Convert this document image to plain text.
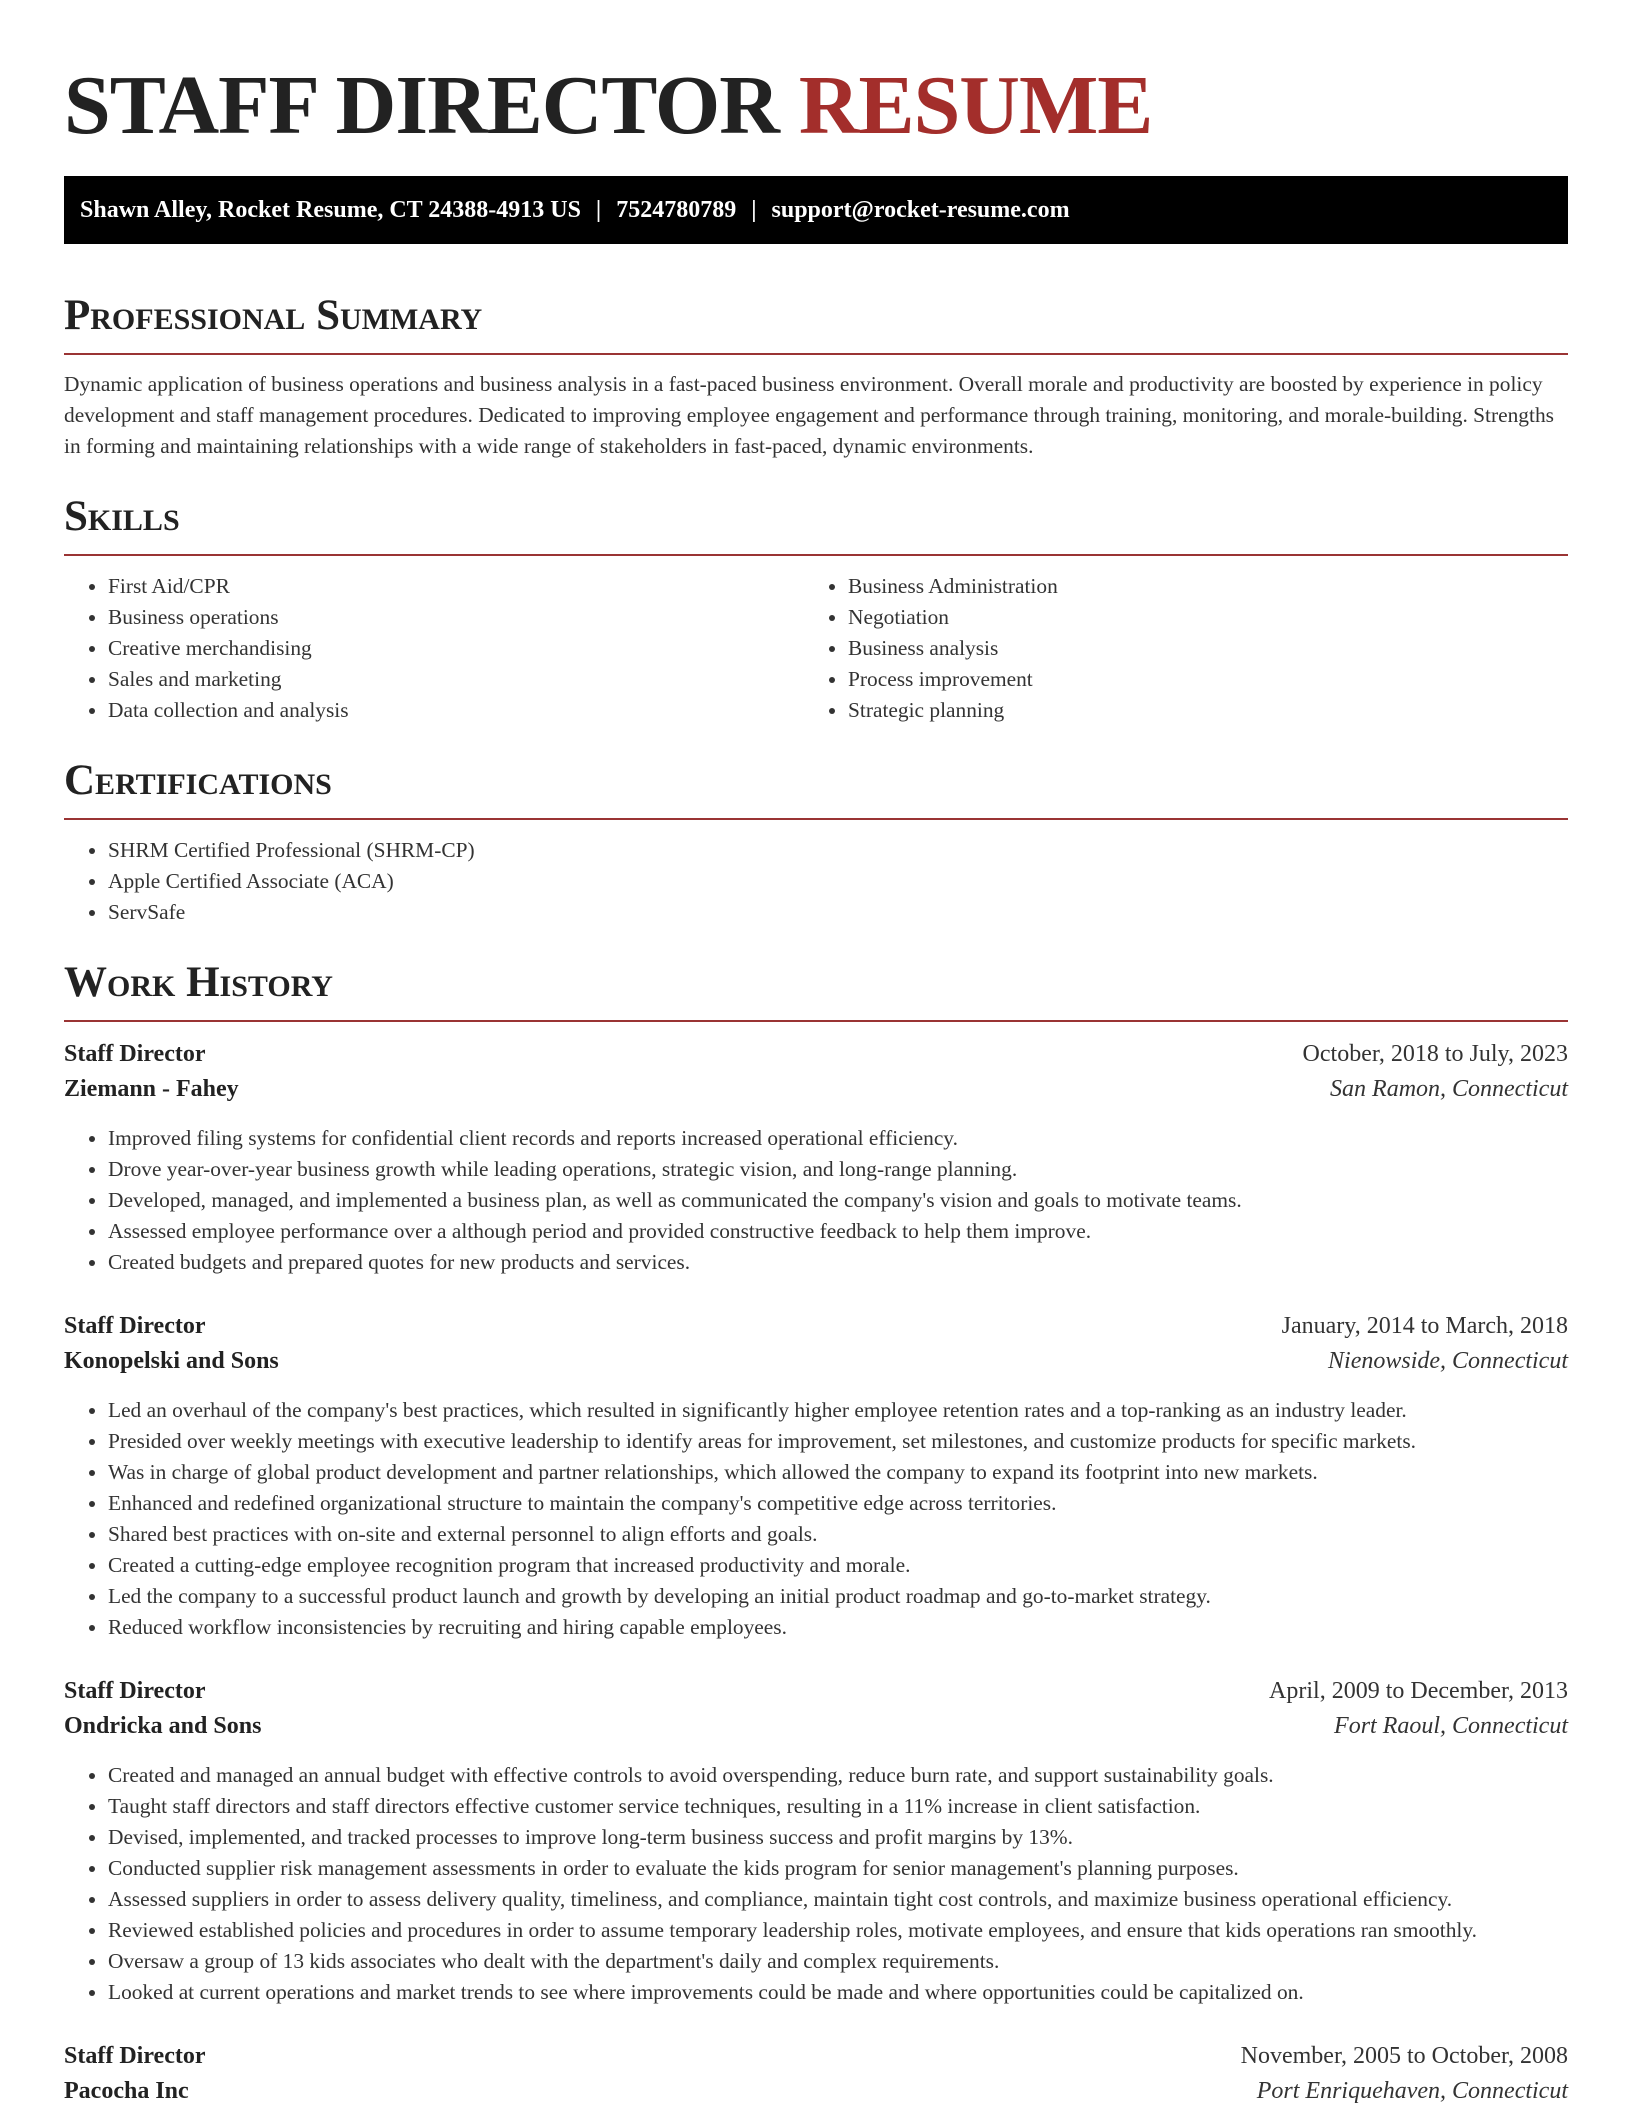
STAFF DIRECTOR RESUME
Shawn Alley, Rocket Resume, CT 24388-4913 US | 7524780789 | support@rocket-resume.com
Professional Summary

Dynamic application of business operations and business analysis in a fast-paced business environment. Overall morale and productivity are boosted by experience in policy development and staff management procedures. Dedicated to improving employee engagement and performance through training, monitoring, and morale-building. Strengths in forming and maintaining relationships with a wide range of stakeholders in fast-paced, dynamic environments.

Skills
• First Aid/CPR
• Business operations
• Creative merchandising
• Sales and marketing
• Data collection and analysis
• Business Administration
• Negotiation
• Business analysis
• Process improvement
• Strategic planning
Certifications
• SHRM Certified Professional (SHRM-CP)
• Apple Certified Associate (ACA)
• ServSafe
Work History
Staff Director	October, 2018 to July, 2023
Ziemann - Fahey	San Ramon, Connecticut
• Improved filing systems for confidential client records and reports increased operational efficiency.
• Drove year-over-year business growth while leading operations, strategic vision, and long-range planning.
• Developed, managed, and implemented a business plan, as well as communicated the company's vision and goals to motivate teams.
• Assessed employee performance over a although period and provided constructive feedback to help them improve.
• Created budgets and prepared quotes for new products and services.
Staff Director	January, 2014 to March, 2018
Konopelski and Sons	Nienowside, Connecticut
• Led an overhaul of the company's best practices, which resulted in significantly higher employee retention rates and a top-ranking as an industry leader.
• Presided over weekly meetings with executive leadership to identify areas for improvement, set milestones, and customize products for specific markets.
• Was in charge of global product development and partner relationships, which allowed the company to expand its footprint into new markets.
• Enhanced and redefined organizational structure to maintain the company's competitive edge across territories.
• Shared best practices with on-site and external personnel to align efforts and goals.
• Created a cutting-edge employee recognition program that increased productivity and morale.
• Led the company to a successful product launch and growth by developing an initial product roadmap and go-to-market strategy.
• Reduced workflow inconsistencies by recruiting and hiring capable employees.
Staff Director	April, 2009 to December, 2013
Ondricka and Sons	Fort Raoul, Connecticut
• Created and managed an annual budget with effective controls to avoid overspending, reduce burn rate, and support sustainability goals.
• Taught staff directors and staff directors effective customer service techniques, resulting in a 11% increase in client satisfaction.
• Devised, implemented, and tracked processes to improve long-term business success and profit margins by 13%.
• Conducted supplier risk management assessments in order to evaluate the kids program for senior management's planning purposes.
• Assessed suppliers in order to assess delivery quality, timeliness, and compliance, maintain tight cost controls, and maximize business operational efficiency.
• Reviewed established policies and procedures in order to assume temporary leadership roles, motivate employees, and ensure that kids operations ran smoothly.
• Oversaw a group of 13 kids associates who dealt with the department's daily and complex requirements.
• Looked at current operations and market trends to see where improvements could be made and where opportunities could be capitalized on.
Staff Director	November, 2005 to October, 2008
Pacocha Inc	Port Enriquehaven, Connecticut
